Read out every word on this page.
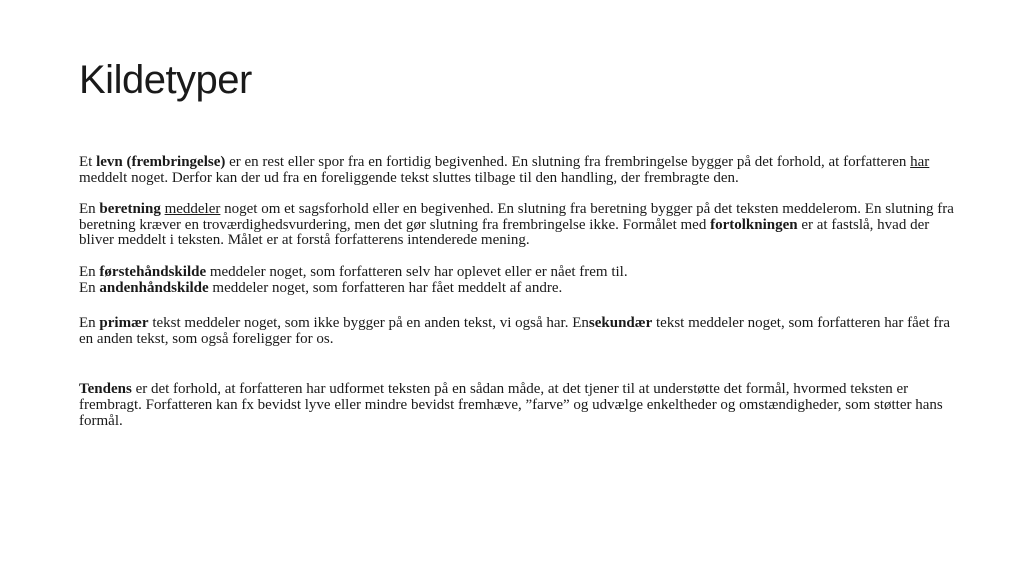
Kildetyper

Et levn (frembringelse) er en rest eller spor fra en fortidig begivenhed. En slutning fra frembringelse bygger på det forhold, at forfatteren har meddelt noget. Derfor kan der ud fra en foreliggende tekst sluttes tilbage til den handling, der frembragte den.

En beretning meddeler noget om et sagsforhold eller en begivenhed. En slutning fra beretning bygger på det teksten meddelerom. En slutning fra beretning kræver en troværdighedsvurdering, men det gør slutning fra frembringelse ikke. Formålet med fortolkningen er at fastslå, hvad der bliver meddelt i teksten. Målet er at forstå forfatterens intenderede mening.

En førstehåndskilde meddeler noget, som forfatteren selv har oplevet eller er nået frem til.
En andenhåndskilde meddeler noget, som forfatteren har fået meddelt af andre.

En primær tekst meddeler noget, som ikke bygger på en anden tekst, vi også har. Ensekundær tekst meddeler noget, som forfatteren har fået fra en anden tekst, som også foreligger for os.

Tendens er det forhold, at forfatteren har udformet teksten på en sådan måde, at det tjener til at understøtte det formål, hvormed teksten er frembragt. Forfatteren kan fx bevidst lyve eller mindre bevidst fremhæve, ”farve” og udvælge enkeltheder og omstændigheder, som støtter hans formål.
